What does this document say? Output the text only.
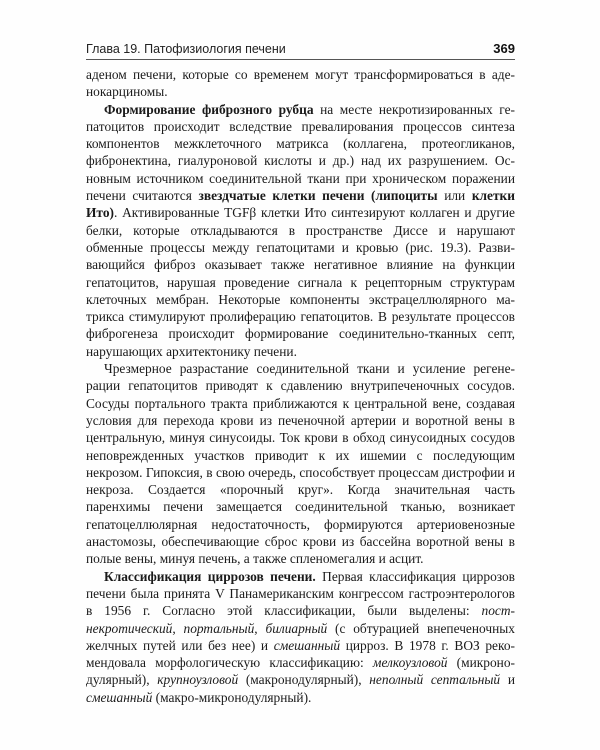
Глава 19. Патофизиология печени	369

аденом печени, которые со временем могут трансформироваться в аденокарциномы.

Формирование фиброзного рубца на месте некротизированных гепатоцитов происходит вследствие превалирования процессов синтеза компонентов межклеточного матрикса (коллагена, протеогликанов, фибронектина, гиалуроновой кислоты и др.) над их разрушением. Основным источником соединительной ткани при хроническом поражении печени считаются звездчатые клетки печени (липоциты или клетки Ито). Активированные TGFβ клетки Ито синтезируют коллаген и другие белки, которые откладываются в пространстве Диссе и нарушают обменные процессы между гепатоцитами и кровью (рис. 19.3). Развивающийся фиброз оказывает также негативное влияние на функции гепатоцитов, нарушая проведение сигнала к рецепторным структурам клеточных мембран. Некоторые компоненты экстрацеллюлярного матрикса стимулируют пролиферацию гепатоцитов. В результате процессов фиброгенеза происходит формирование соединительно-тканных септ, нарушающих архитектонику печени.

Чрезмерное разрастание соединительной ткани и усиление регенерации гепатоцитов приводят к сдавлению внутрипеченочных сосудов. Сосуды портального тракта приближаются к центральной вене, создавая условия для перехода крови из печеночной артерии и воротной вены в центральную, минуя синусоиды. Ток крови в обход синусоидных сосудов неповрежденных участков приводит к их ишемии с последующим некрозом. Гипоксия, в свою очередь, способствует процессам дистрофии и некроза. Создается «порочный круг». Когда значительная часть паренхимы печени замещается соединительной тканью, возникает гепатоцеллюлярная недостаточность, формируются артериовенозные анастомозы, обеспечивающие сброс крови из бассейна воротной вены в полые вены, минуя печень, а также спленомегалия и асцит.

Классификация циррозов печени. Первая классификация циррозов печени была принята V Панамериканским конгрессом гастроэнтерологов в 1956 г. Согласно этой классификации, были выделены: постнекротический, портальный, билиарный (с обтурацией внепеченочных желчных путей или без нее) и смешанный цирроз. В 1978 г. ВОЗ рекомендовала морфологическую классификацию: мелкоузловой (микронодулярный), крупноузловой (макронодулярный), неполный септальный и смешанный (макро-микронодулярный).
